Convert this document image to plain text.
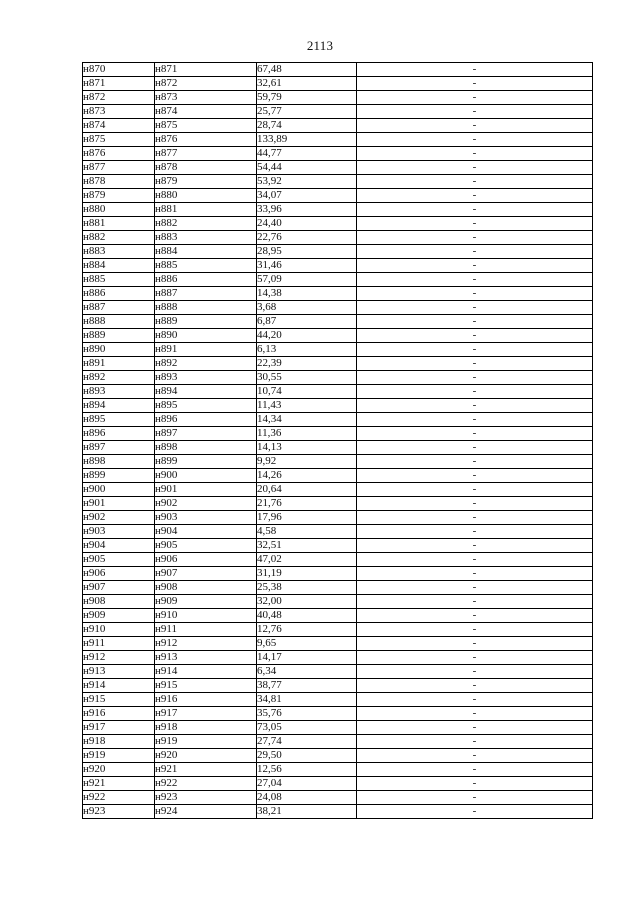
2113
н870	н871	67,48	-
н871	н872	32,61	-
н872	н873	59,79	-
н873	н874	25,77	-
н874	н875	28,74	-
н875	н876	133,89	-
н876	н877	44,77	-
н877	н878	54,44	-
н878	н879	53,92	-
н879	н880	34,07	-
н880	н881	33,96	-
н881	н882	24,40	-
н882	н883	22,76	-
н883	н884	28,95	-
н884	н885	31,46	-
н885	н886	57,09	-
н886	н887	14,38	-
н887	н888	3,68	-
н888	н889	6,87	-
н889	н890	44,20	-
н890	н891	6,13	-
н891	н892	22,39	-
н892	н893	30,55	-
н893	н894	10,74	-
н894	н895	11,43	-
н895	н896	14,34	-
н896	н897	11,36	-
н897	н898	14,13	-
н898	н899	9,92	-
н899	н900	14,26	-
н900	н901	20,64	-
н901	н902	21,76	-
н902	н903	17,96	-
н903	н904	4,58	-
н904	н905	32,51	-
н905	н906	47,02	-
н906	н907	31,19	-
н907	н908	25,38	-
н908	н909	32,00	-
н909	н910	40,48	-
н910	н911	12,76	-
н911	н912	9,65	-
н912	н913	14,17	-
н913	н914	6,34	-
н914	н915	38,77	-
н915	н916	34,81	-
н916	н917	35,76	-
н917	н918	73,05	-
н918	н919	27,74	-
н919	н920	29,50	-
н920	н921	12,56	-
н921	н922	27,04	-
н922	н923	24,08	-
н923	н924	38,21	-
